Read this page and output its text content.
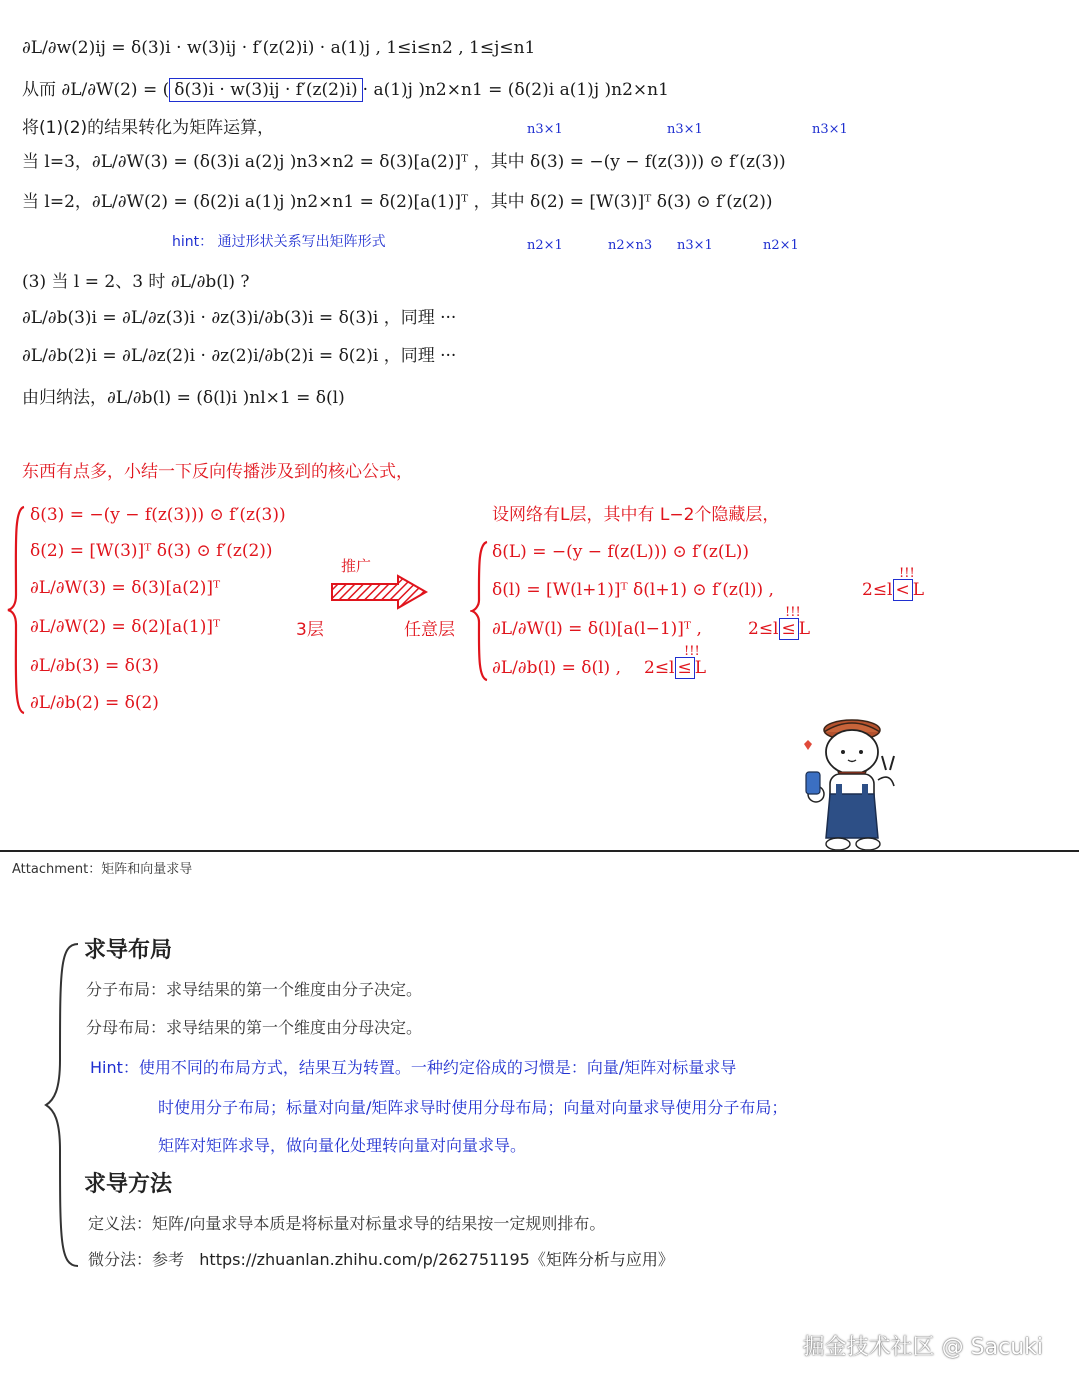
∂L/∂w(2)ij = δ(3)i · w(3)ij · f′(z(2)i) · a(1)j , 1≤i≤n2 , 1≤j≤n1
从而 ∂L/∂W(2) = ( δ(3)i · w(3)ij · f′(z(2)i) · a(1)j )n2×n1 = (δ(2)i a(1)j )n2×n1
将(1)(2)的结果转化为矩阵运算，	n3×1	n3×1	n3×1
当 l=3，∂L/∂W(3) = (δ(3)i a(2)j )n3×n2 = δ(3)[a(2)]ᵀ ，其中 δ(3) = −(y − f(z(3))) ⊙ f′(z(3))
当 l=2，∂L/∂W(2) = (δ(2)i a(1)j )n2×n1 = δ(2)[a(1)]ᵀ ，其中 δ(2) = [W(3)]ᵀ δ(3) ⊙ f′(z(2))
hint： 通过形状关系写出矩阵形式	n2×1	n2×n3 n3×1	n2×1
(3) 当 l = 2、3 时 ∂L/∂b(l) ?
∂L/∂b(3)i = ∂L/∂z(3)i · ∂z(3)i/∂b(3)i = δ(3)i ，同理 ···
∂L/∂b(2)i = ∂L/∂z(2)i · ∂z(2)i/∂b(2)i = δ(2)i ，同理 ···
由归纳法，∂L/∂b(l) = (δ(l)i )nl×1 = δ(l)
东西有点多，小结一下反向传播涉及到的核心公式，
δ(3) = −(y − f(z(3))) ⊙ f′(z(3))
δ(2) = [W(3)]ᵀ δ(3) ⊙ f′(z(2))
∂L/∂W(3) = δ(3)[a(2)]ᵀ
∂L/∂W(2) = δ(2)[a(1)]ᵀ
∂L/∂b(3) = δ(3)
∂L/∂b(2) = δ(2)
3层
推广
任意层
设网络有L层，其中有 L−2个隐藏层，
δ(L) = −(y − f(z(L))) ⊙ f′(z(L))
δ(l) = [W(l+1)]ᵀ δ(l+1) ⊙ f′(z(l)) ,
∂L/∂W(l) = δ(l)[a(l−1)]ᵀ ,
∂L/∂b(l) = δ(l) ,
!!!
2≤l < L
!!!
2≤l ≤ L
!!!
2≤l ≤ L
Attachment：矩阵和向量求导
求导布局
分子布局：求导结果的第一个维度由分子决定。
分母布局：求导结果的第一个维度由分母决定。
Hint：使用不同的布局方式，结果互为转置。一种约定俗成的习惯是：向量/矩阵对标量求导
时使用分子布局；标量对向量/矩阵求导时使用分母布局；向量对向量求导使用分子布局；
矩阵对矩阵求导，做向量化处理转向量对向量求导。
求导方法
定义法：矩阵/向量求导本质是将标量对标量求导的结果按一定规则排布。
微分法：参考 https://zhuanlan.zhihu.com/p/262751195《矩阵分析与应用》
掘金技术社区 @ Sacuki
